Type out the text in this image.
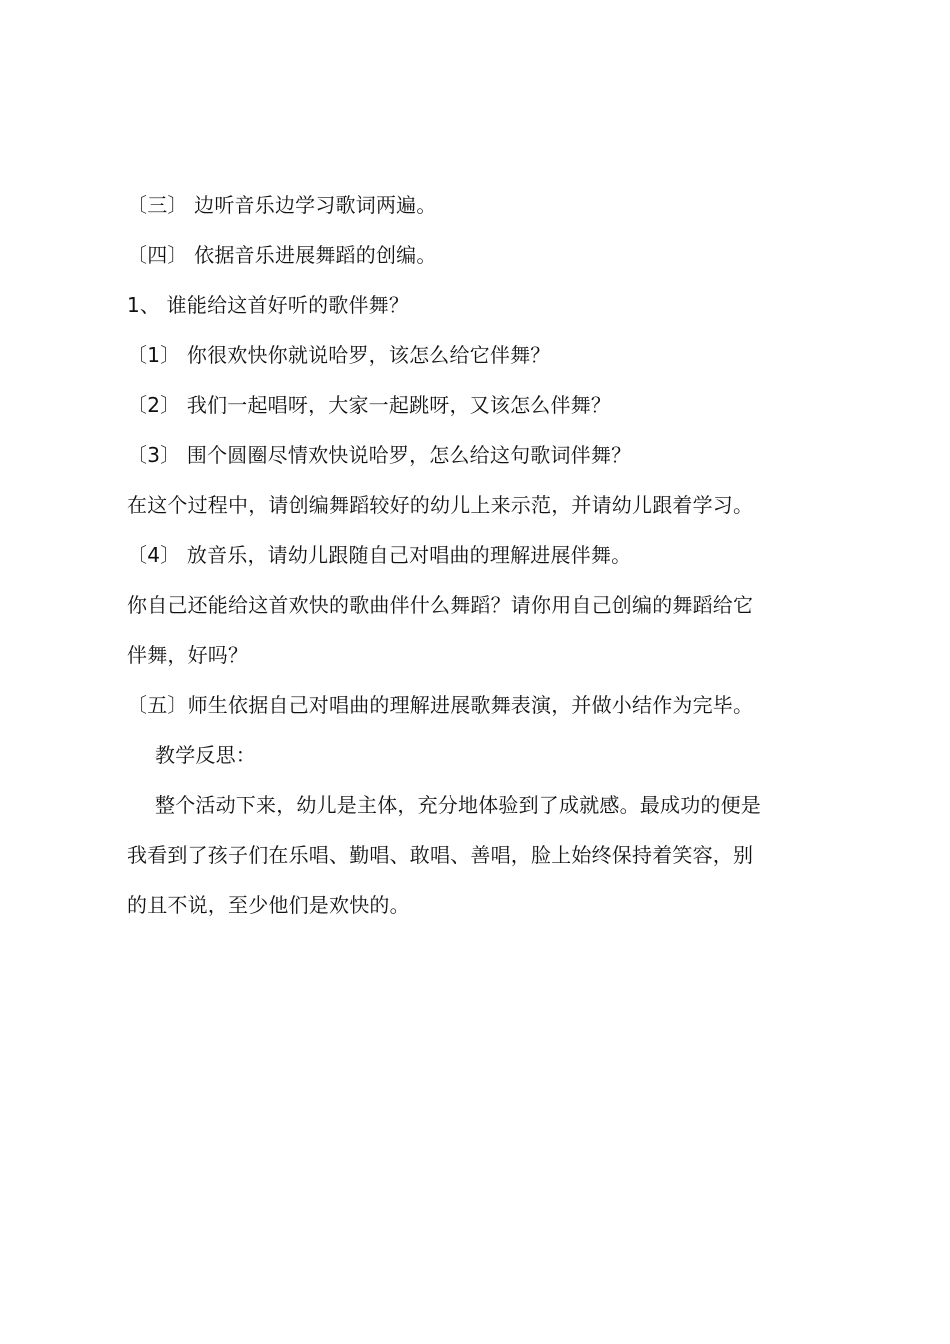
〔三〕 边听音乐边学习歌词两遍。
〔四〕 依据音乐进展舞蹈的创编。
1、 谁能给这首好听的歌伴舞？
〔1〕 你很欢快你就说哈罗，该怎么给它伴舞？
〔2〕 我们一起唱呀，大家一起跳呀，又该怎么伴舞？
〔3〕 围个圆圈尽情欢快说哈罗，怎么给这句歌词伴舞？
在这个过程中，请创编舞蹈较好的幼儿上来示范，并请幼儿跟着学习。
〔4〕 放音乐，请幼儿跟随自己对唱曲的理解进展伴舞。
你自己还能给这首欢快的歌曲伴什么舞蹈？请你用自己创编的舞蹈给它
伴舞，好吗？
〔五〕师生依据自己对唱曲的理解进展歌舞表演，并做小结作为完毕。
教学反思：
整个活动下来，幼儿是主体，充分地体验到了成就感。最成功的便是
我看到了孩子们在乐唱、勤唱、敢唱、善唱，脸上始终保持着笑容，别
的且不说，至少他们是欢快的。
